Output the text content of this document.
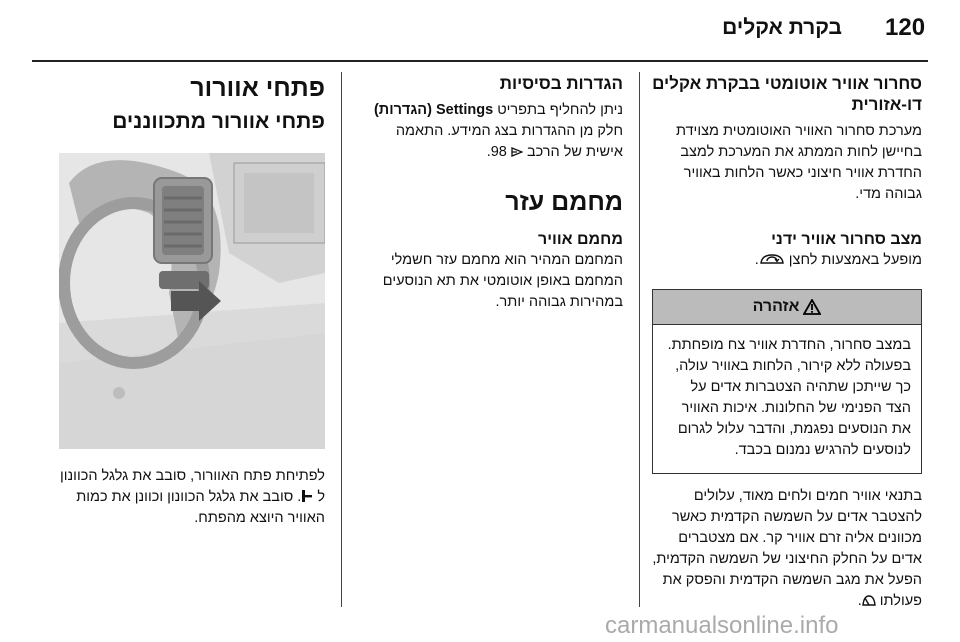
120
בקרת אקלים
סחרור אוויר אוטומטי בבקרת אקלים דו-אזורית

מערכת סחרור האוויר האוטומטית מצוידת בחיישן לחות הממתג את המערכת למצב החדרת אוויר חיצוני כאשר הלחות באוויר גבוהה מדי.

מצב סחרור אוויר ידני

מופעל באמצעות לחצן .

אזהרה

במצב סחרור, החדרת אוויר צח מופחתת. בפעולה ללא קירור, הלחות באוויר עולה, כך שייתכן שתהיה הצטברות אדים על הצד הפנימי של החלונות. איכות האוויר את הנוסעים נפגמת, והדבר עלול לגרום לנוסעים להרגיש נמנום בכבד.

בתנאי אוויר חמים ולחים מאוד, עלולים להצטבר אדים על השמשה הקדמית כאשר מכוונים אליה זרם אוויר קר. אם מצטברים אדים על החלק החיצוני של השמשה הקדמית, הפעל את מגב השמשה הקדמית והפסק את פעולתו .

הגדרות בסיסיות

ניתן להחליף בתפריט Settings (הגדרות) חלק מן ההגדרות בצג המידע. התאמה אישית של הרכב  98.

מחמם עזר
מחמם אוויר

המחמם המהיר הוא מחמם עזר חשמלי המחמם באופן אוטומטי את תא הנוסעים במהירות גבוהה יותר.

פתחי אוורור
פתחי אוורור מתכווננים

לפתיחת פתח האוורור, סובב את גלגל הכוונון ל . סובב את גלגל הכוונון וכוונן את כמות האוויר היוצא מהפתח.

carmanualsonline.info
